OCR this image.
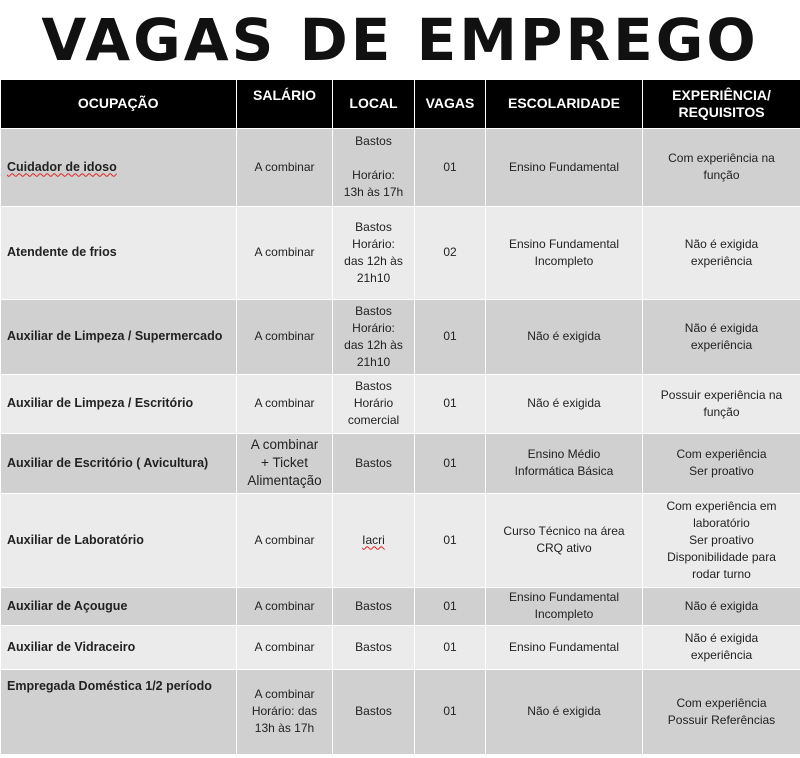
VAGAS DE EMPREGO
OCUPAÇÃO	SALÁRIO	LOCAL	VAGAS	ESCOLARIDADE	EXPERIÊNCIA/
REQUISITOS
Cuidador de idoso	A combinar	Bastos

Horário:
13h às 17h	01	Ensino Fundamental	Com experiência na
função
Atendente de frios	A combinar	Bastos
Horário:
das 12h às
21h10	02	Ensino Fundamental
Incompleto	Não é exigida
experiência
Auxiliar de Limpeza / Supermercado	A combinar	Bastos
Horário:
das 12h às
21h10	01	Não é exigida	Não é exigida
experiência
Auxiliar de Limpeza / Escritório	A combinar	Bastos
Horário
comercial	01	Não é exigida	Possuir experiência na
função
Auxiliar de Escritório ( Avicultura)	A combinar
+ Ticket
Alimentação	Bastos	01	Ensino Médio
Informática Básica	Com experiência
Ser proativo
Auxiliar de Laboratório	A combinar	Iacri	01	Curso Técnico na área
CRQ ativo	Com experiência em
laboratório
Ser proativo
Disponibilidade para
rodar turno
Auxiliar de Açougue	A combinar	Bastos	01	Ensino Fundamental
Incompleto	Não é exigida
Auxiliar de Vidraceiro	A combinar	Bastos	01	Ensino Fundamental	Não é exigida
experiência
Empregada Doméstica 1/2 período	A combinar
Horário: das
13h às 17h	Bastos	01	Não é exigida	Com experiência
Possuir Referências
